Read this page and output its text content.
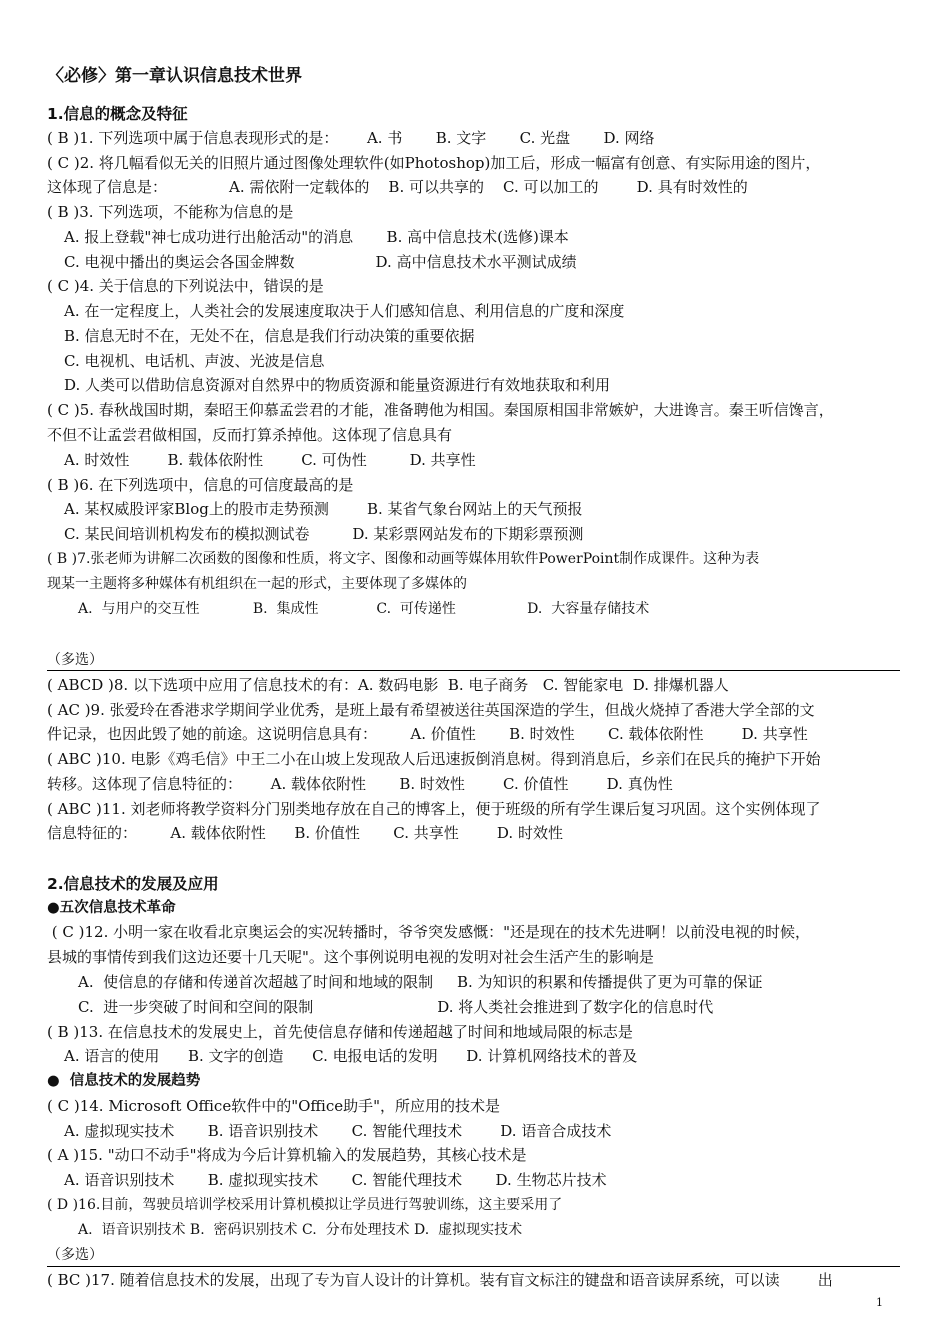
〈必修〉第一章认识信息技术世界
1.信息的概念及特征
( B )1. 下列选项中属于信息表现形式的是：      A. 书       B. 文字       C. 光盘       D. 网络
( C )2. 将几幅看似无关的旧照片通过图像处理软件(如Photoshop)加工后，形成一幅富有创意、有实际用途的图片，
这体现了信息是：             A. 需依附一定载体的    B. 可以共享的    C. 可以加工的        D. 具有时效性的
( B )3. 下列选项，不能称为信息的是
A. 报上登载"神七成功进行出舱活动"的消息       B. 高中信息技术(选修)课本
C. 电视中播出的奥运会各国金牌数                 D. 高中信息技术水平测试成绩
( C )4. 关于信息的下列说法中，错误的是
A. 在一定程度上，人类社会的发展速度取决于人们感知信息、利用信息的广度和深度
B. 信息无时不在，无处不在，信息是我们行动决策的重要依据
C. 电视机、电话机、声波、光波是信息
D. 人类可以借助信息资源对自然界中的物质资源和能量资源进行有效地获取和利用
( C )5. 春秋战国时期，秦昭王仰慕孟尝君的才能，准备聘他为相国。秦国原相国非常嫉妒，大进谗言。秦王听信馋言，
不但不让孟尝君做相国，反而打算杀掉他。这体现了信息具有
A. 时效性        B. 载体依附性        C. 可伪性         D. 共享性
( B )6. 在下列选项中，信息的可信度最高的是
A. 某权威股评家Blog上的股市走势预测        B. 某省气象台网站上的天气预报
C. 某民间培训机构发布的模拟测试卷         D. 某彩票网站发布的下期彩票预测
( B )7.张老师为讲解二次函数的图像和性质，将文字、图像和动画等媒体用软件PowerPoint制作成课件。这种为表
现某一主题将多种媒体有机组织在一起的形式，主要体现了多媒体的
A.  与用户的交互性            B.  集成性             C.  可传递性                D.  大容量存储技术
（多选）
( ABCD )8. 以下选项中应用了信息技术的有：A. 数码电影  B. 电子商务   C. 智能家电  D. 排爆机器人
( AC )9. 张爱玲在香港求学期间学业优秀，是班上最有希望被送往英国深造的学生，但战火烧掉了香港大学全部的文
件记录，也因此毁了她的前途。这说明信息具有：       A. 价值性       B. 时效性       C. 载体依附性        D. 共享性
( ABC )10. 电影《鸡毛信》中王二小在山坡上发现敌人后迅速扳倒消息树。得到消息后，乡亲们在民兵的掩护下开始
转移。这体现了信息特征的：      A. 载体依附性       B. 时效性        C. 价值性        D. 真伪性
( ABC )11. 刘老师将教学资料分门别类地存放在自己的博客上，便于班级的所有学生课后复习巩固。这个实例体现了
信息特征的：       A. 载体依附性      B. 价值性       C. 共享性        D. 时效性
2.信息技术的发展及应用
●五次信息技术革命
( C )12. 小明一家在收看北京奥运会的实况转播时，爷爷突发感慨："还是现在的技术先进啊！以前没电视的时候，
县城的事情传到我们这边还要十几天呢"。这个事例说明电视的发明对社会生活产生的影响是
A.  使信息的存储和传递首次超越了时间和地域的限制     B. 为知识的积累和传播提供了更为可靠的保证
C.  进一步突破了时间和空间的限制                          D. 将人类社会推进到了数字化的信息时代
( B )13. 在信息技术的发展史上，首先使信息存储和传递超越了时间和地域局限的标志是
A. 语言的使用      B. 文字的创造      C. 电报电话的发明      D. 计算机网络技术的普及
●  信息技术的发展趋势
( C )14. Microsoft Office软件中的"Office助手"，所应用的技术是
A. 虚拟现实技术       B. 语音识别技术       C. 智能代理技术        D. 语音合成技术
( A )15. "动口不动手"将成为今后计算机输入的发展趋势，其核心技术是
A. 语音识别技术       B. 虚拟现实技术       C. 智能代理技术       D. 生物芯片技术
( D )16.目前，驾驶员培训学校采用计算机模拟让学员进行驾驶训练，这主要采用了
A.  语音识别技术 B.  密码识别技术 C.  分布处理技术 D.  虚拟现实技术
（多选）
( BC )17. 随着信息技术的发展，出现了专为盲人设计的计算机。装有盲文标注的键盘和语音读屏系统，可以读        出
1
